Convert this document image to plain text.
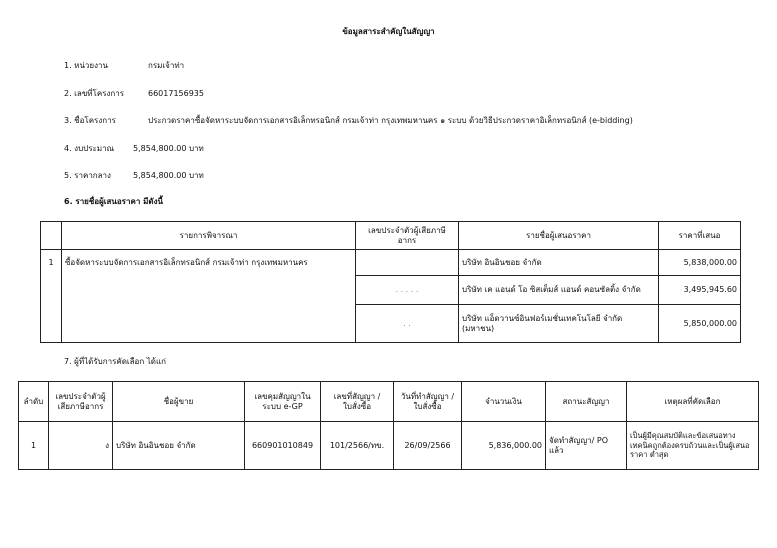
ข้อมูลสาระสำคัญในสัญญา
1. หน่วยงาน	กรมเจ้าท่า
2. เลขที่โครงการ	66017156935
3. ชื่อโครงการ	ประกวดราคาซื้อจัดหาระบบจัดการเอกสารอิเล็กทรอนิกส์ กรมเจ้าท่า กรุงเทพมหานคร ๑ ระบบ ด้วยวิธีประกวดราคาอิเล็กทรอนิกส์ (e-bidding)
4. งบประมาณ 5,854,800.00 บาท
5. ราคากลาง	5,854,800.00 บาท
6. รายชื่อผู้เสนอราคา มีดังนี้
	รายการพิจารณา	เลขประจำตัวผู้เสียภาษีอากร	รายชื่อผู้เสนอราคา	ราคาที่เสนอ
1	ซื้อจัดหาระบบจัดการเอกสารอิเล็กทรอนิกส์ กรมเจ้าท่า กรุงเทพมหานคร		บริษัท อินอินชอย จำกัด	5,838,000.00
		. . . . .	บริษัท เค แอนด์ โอ ซิสเต็มส์ แอนด์ คอนซัลติ้ง จำกัด	3,495,945.60
		. .	บริษัท แอ็ดวานซ์อินฟอร์เมชั่นเทคโนโลยี จำกัด (มหาชน)	5,850,000.00
7. ผู้ที่ได้รับการคัดเลือก ได้แก่
ลำดับ	เลขประจำตัวผู้เสียภาษีอากร	ชื่อผู้ขาย	เลขคุมสัญญาในระบบ e-GP	เลขที่สัญญา / ใบสั่งซื้อ	วันที่ทำสัญญา / ใบสั่งซื้อ	จำนวนเงิน	สถานะสัญญา	เหตุผลที่คัดเลือก
1	ง	บริษัท อินอินชอย จำกัด	660901010849	101/2566/ทข.	26/09/2566	5,836,000.00	จัดทำสัญญา/ PO แล้ว	เป็นผู้มีคุณสมบัติและข้อเสนอทางเทคนิคถูกต้องครบถ้วนและเป็นผู้เสนอราคา ต่ำสุด
